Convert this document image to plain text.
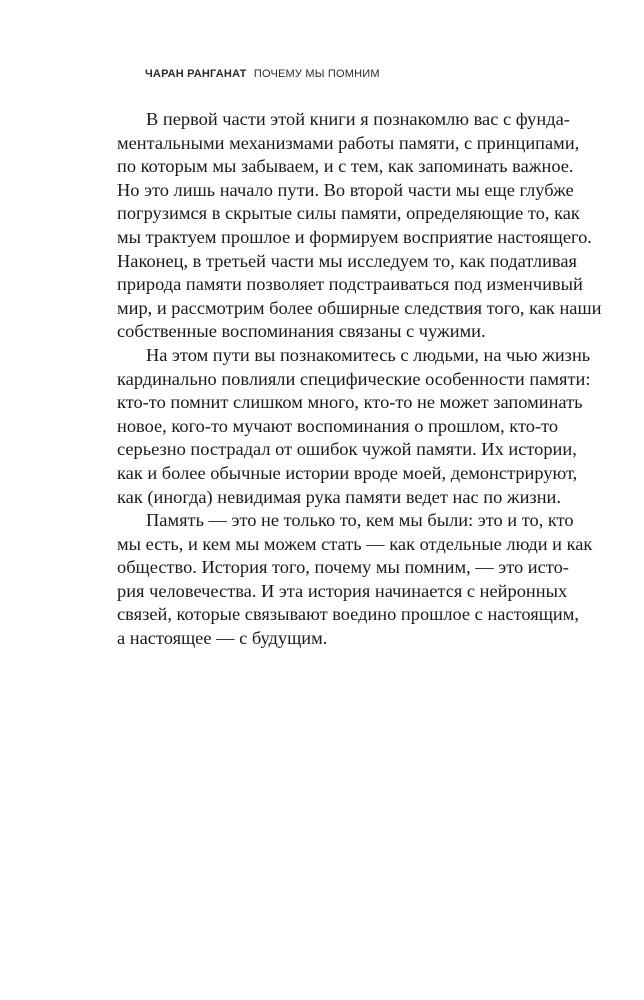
ЧАРАН РАНГАНАТ ПОЧЕМУ МЫ ПОМНИМ

В первой части этой книги я познакомлю вас с фунда-
ментальными механизмами работы памяти, с принципами,
по которым мы забываем, и с тем, как запоминать важное.
Но это лишь начало пути. Во второй части мы еще глубже
погрузимся в скрытые силы памяти, определяющие то, как
мы трактуем прошлое и формируем восприятие настоящего.
Наконец, в третьей части мы исследуем то, как податливая
природа памяти позволяет подстраиваться под изменчивый
мир, и рассмотрим более обширные следствия того, как наши
собственные воспоминания связаны с чужими.

На этом пути вы познакомитесь с людьми, на чью жизнь
кардинально повлияли специфические особенности памяти:
кто-то помнит слишком много, кто-то не может запоминать
новое, кого-то мучают воспоминания о прошлом, кто-то
серьезно пострадал от ошибок чужой памяти. Их истории,
как и более обычные истории вроде моей, демонстрируют,
как (иногда) невидимая рука памяти ведет нас по жизни.

Память — это не только то, кем мы были: это и то, кто
мы есть, и кем мы можем стать — как отдельные люди и как
общество. История того, почему мы помним, — это исто-
рия человечества. И эта история начинается с нейронных
связей, которые связывают воедино прошлое с настоящим,
а настоящее — с будущим.
